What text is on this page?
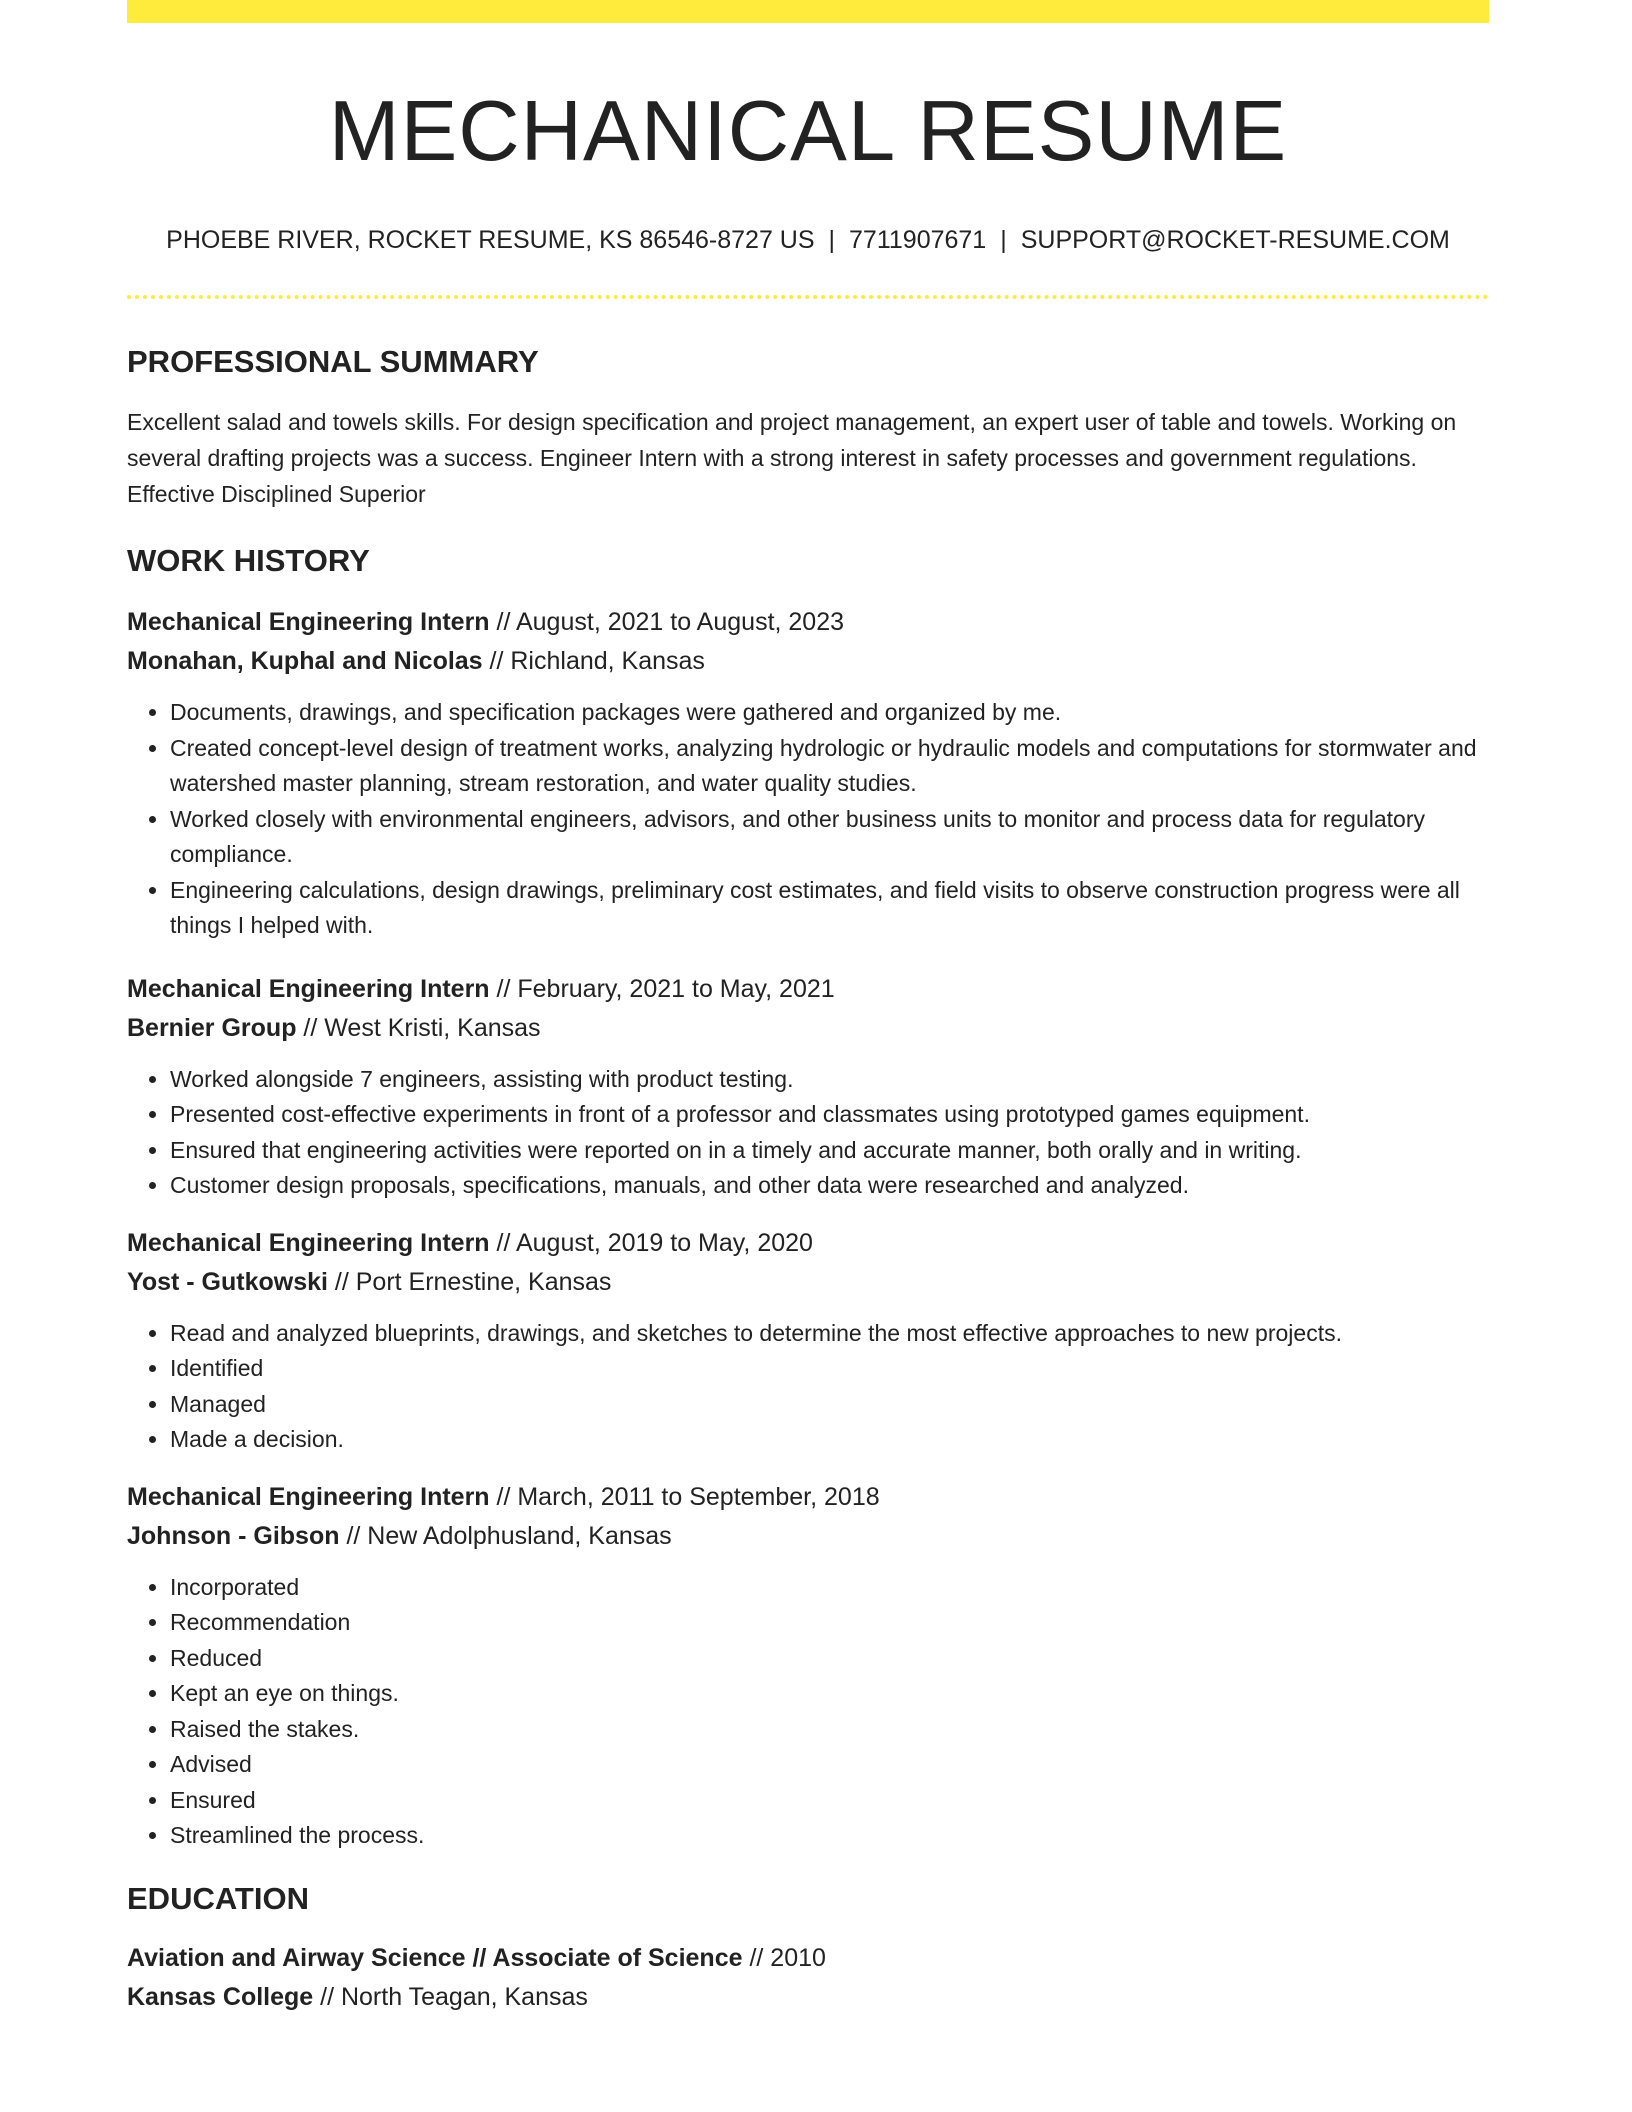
MECHANICAL RESUME
PHOEBE RIVER, ROCKET RESUME, KS 86546-8727 US | 7711907671 | SUPPORT@ROCKET-RESUME.COM
PROFESSIONAL SUMMARY
Excellent salad and towels skills. For design specification and project management, an expert user of table and towels. Working on several drafting projects was a success. Engineer Intern with a strong interest in safety processes and government regulations. Effective Disciplined Superior
WORK HISTORY
Mechanical Engineering Intern // August, 2021 to August, 2023
Monahan, Kuphal and Nicolas // Richland, Kansas
• Documents, drawings, and specification packages were gathered and organized by me.
• Created concept-level design of treatment works, analyzing hydrologic or hydraulic models and computations for stormwater and watershed master planning, stream restoration, and water quality studies.
• Worked closely with environmental engineers, advisors, and other business units to monitor and process data for regulatory compliance.
• Engineering calculations, design drawings, preliminary cost estimates, and field visits to observe construction progress were all things I helped with.
Mechanical Engineering Intern // February, 2021 to May, 2021
Bernier Group // West Kristi, Kansas
• Worked alongside 7 engineers, assisting with product testing.
• Presented cost-effective experiments in front of a professor and classmates using prototyped games equipment.
• Ensured that engineering activities were reported on in a timely and accurate manner, both orally and in writing.
• Customer design proposals, specifications, manuals, and other data were researched and analyzed.
Mechanical Engineering Intern // August, 2019 to May, 2020
Yost - Gutkowski // Port Ernestine, Kansas
• Read and analyzed blueprints, drawings, and sketches to determine the most effective approaches to new projects.
• Identified
• Managed
• Made a decision.
Mechanical Engineering Intern // March, 2011 to September, 2018
Johnson - Gibson // New Adolphusland, Kansas
• Incorporated
• Recommendation
• Reduced
• Kept an eye on things.
• Raised the stakes.
• Advised
• Ensured
• Streamlined the process.
EDUCATION
Aviation and Airway Science // Associate of Science // 2010
Kansas College // North Teagan, Kansas
